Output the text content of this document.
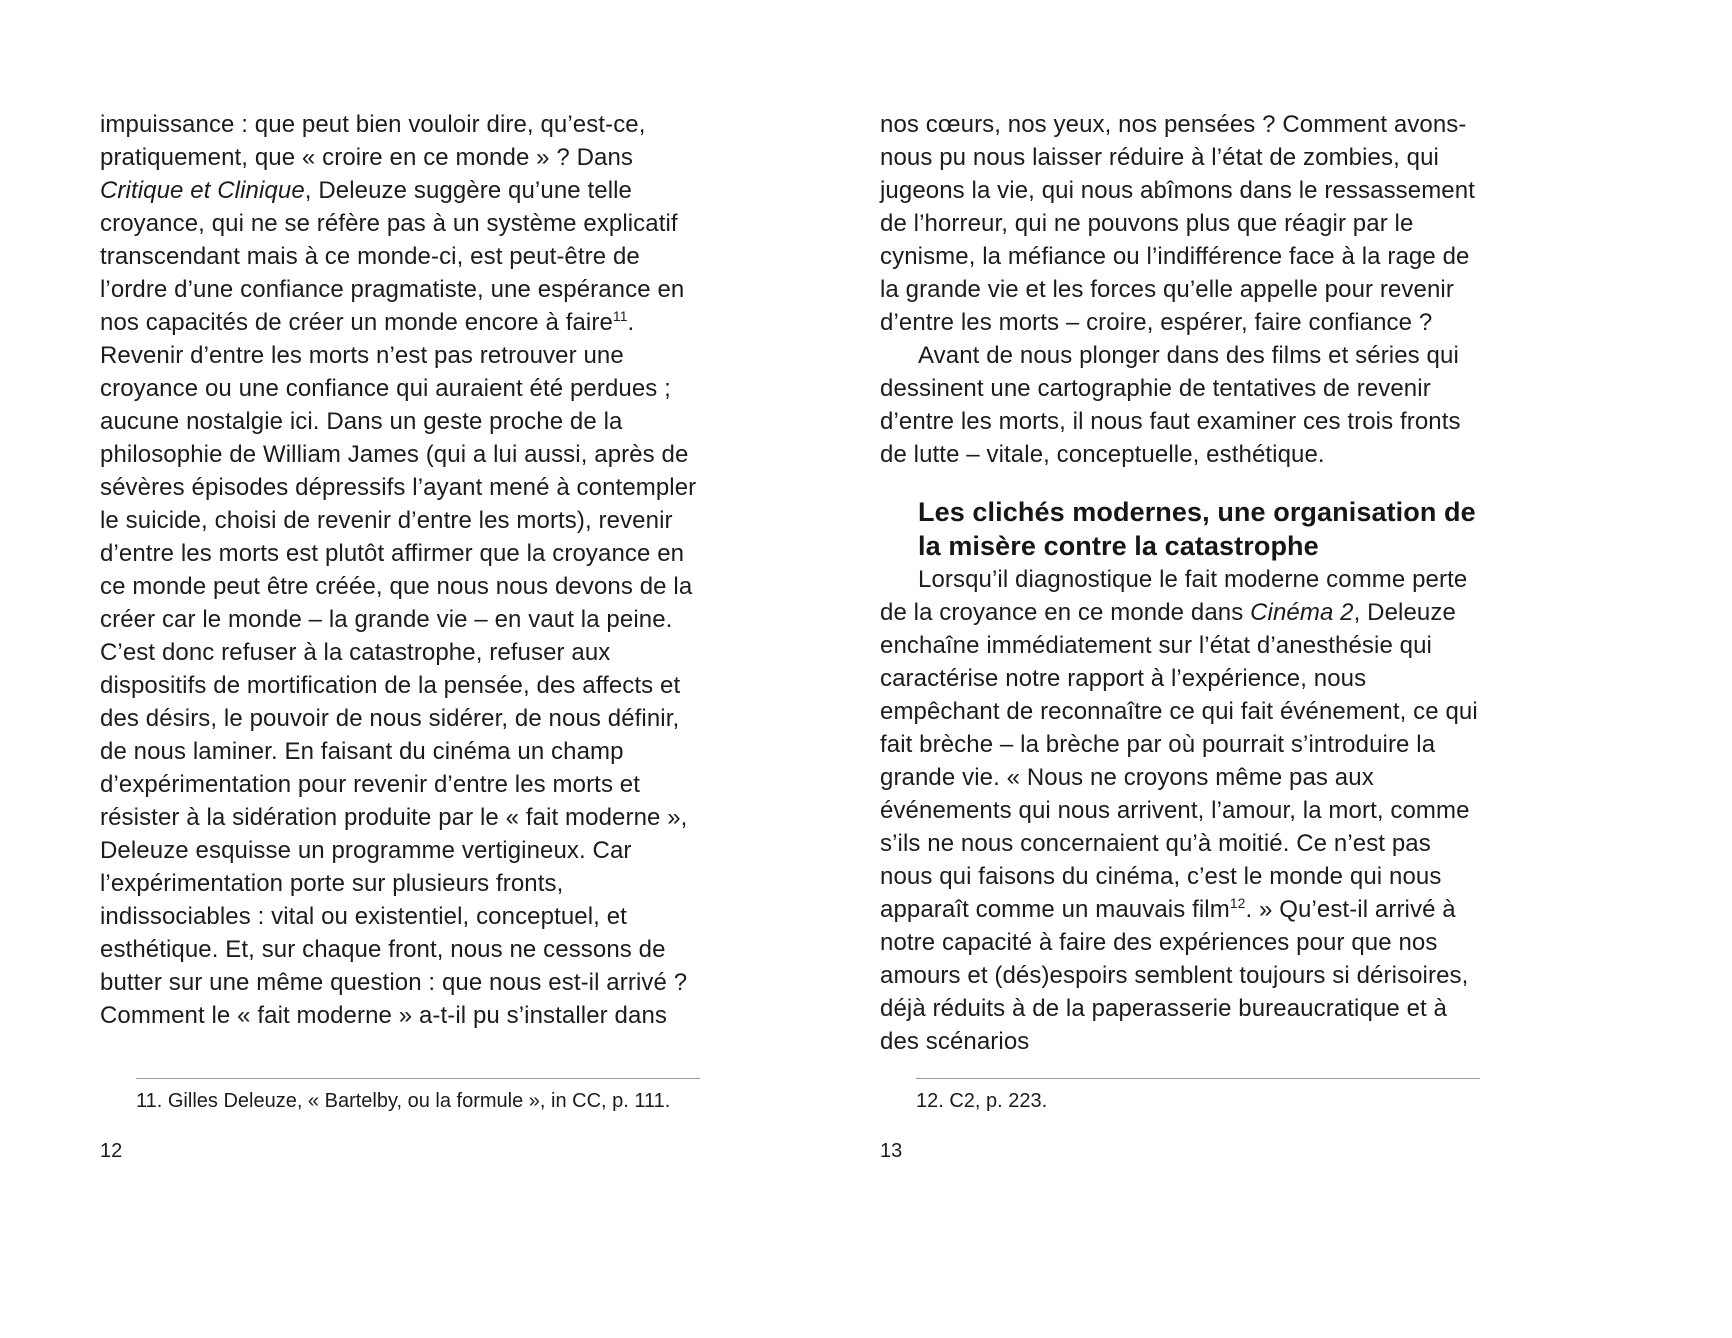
impuissance : que peut bien vouloir dire, qu’est-ce, pratiquement, que « croire en ce monde » ? Dans Critique et Clinique, Deleuze suggère qu’une telle croyance, qui ne se réfère pas à un système explicatif transcendant mais à ce monde-ci, est peut-être de l’ordre d’une confiance pragmatiste, une espérance en nos capacités de créer un monde encore à faire$^{11}$. Revenir d’entre les morts n’est pas retrouver une croyance ou une confiance qui auraient été perdues ; aucune nostalgie ici. Dans un geste proche de la philosophie de William James (qui a lui aussi, après de sévères épisodes dépressifs l’ayant mené à contempler le suicide, choisi de revenir d’entre les morts), revenir d’entre les morts est plutôt affirmer que la croyance en ce monde peut être créée, que nous nous devons de la créer car le monde – la grande vie – en vaut la peine. C’est donc refuser à la catastrophe, refuser aux dispositifs de mortification de la pensée, des affects et des désirs, le pouvoir de nous sidérer, de nous définir, de nous laminer. En faisant du cinéma un champ d’expérimentation pour revenir d’entre les morts et résister à la sidération produite par le « fait moderne », Deleuze esquisse un programme vertigineux. Car l’expérimentation porte sur plusieurs fronts, indissociables : vital ou existentiel, conceptuel, et esthétique. Et, sur chaque front, nous ne cessons de butter sur une même question : que nous est-il arrivé ? Comment le « fait moderne » a-t-il pu s’installer dans

11. Gilles Deleuze, « Bartelby, ou la formule », in CC, p. 111.

12

nos cœurs, nos yeux, nos pensées ? Comment avons-nous pu nous laisser réduire à l’état de zombies, qui jugeons la vie, qui nous abîmons dans le ressassement de l’horreur, qui ne pouvons plus que réagir par le cynisme, la méfiance ou l’indifférence face à la rage de la grande vie et les forces qu’elle appelle pour revenir d’entre les morts – croire, espérer, faire confiance ?

Avant de nous plonger dans des films et séries qui dessinent une cartographie de tentatives de revenir d’entre les morts, il nous faut examiner ces trois fronts de lutte – vitale, conceptuelle, esthétique.

Les clichés modernes, une organisation de la misère contre la catastrophe

Lorsqu’il diagnostique le fait moderne comme perte de la croyance en ce monde dans Cinéma 2, Deleuze enchaîne immédiatement sur l’état d’anesthésie qui caractérise notre rapport à l’expérience, nous empêchant de reconnaître ce qui fait événement, ce qui fait brèche – la brèche par où pourrait s’introduire la grande vie. « Nous ne croyons même pas aux événements qui nous arrivent, l’amour, la mort, comme s’ils ne nous concernaient qu’à moitié. Ce n’est pas nous qui faisons du cinéma, c’est le monde qui nous apparaît comme un mauvais film$^{12}$. » Qu’est-il arrivé à notre capacité à faire des expériences pour que nos amours et (dés)espoirs semblent toujours si dérisoires, déjà réduits à de la paperasserie bureaucratique et à des scénarios

12. C2, p. 223.

13
